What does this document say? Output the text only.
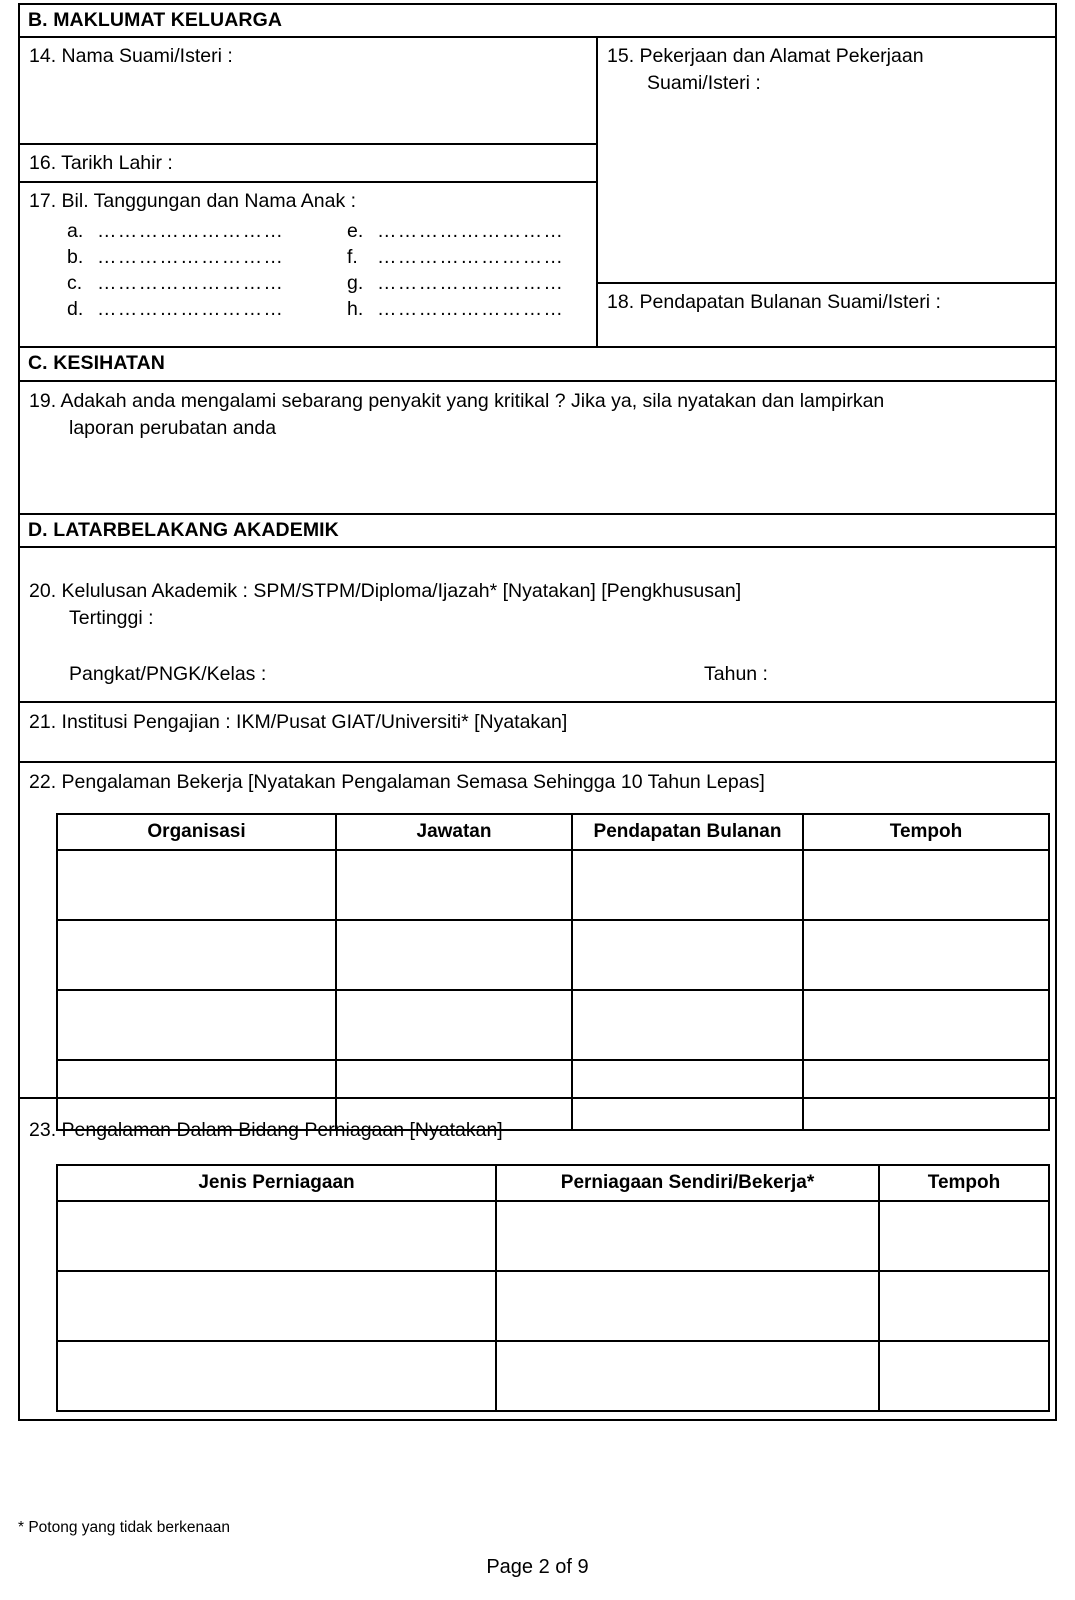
B. MAKLUMAT KELUARGA
14. Nama Suami/Isteri :
16. Tarikh Lahir :
17. Bil. Tanggungan dan Nama Anak :
a. ………………………	e. ………………………
b. ………………………	f. ………………………
c. ………………………	g. ………………………
d. ………………………	h. ………………………
15. Pekerjaan dan Alamat Pekerjaan
Suami/Isteri :
18. Pendapatan Bulanan Suami/Isteri :
C. KESIHATAN
19. Adakah anda mengalami sebarang penyakit yang kritikal ? Jika ya, sila nyatakan dan lampirkan
laporan perubatan anda
D. LATARBELAKANG AKADEMIK
20. Kelulusan Akademik : SPM/STPM/Diploma/Ijazah* [Nyatakan] [Pengkhususan]
Tertinggi :
Pangkat/PNGK/Kelas :	Tahun :
21. Institusi Pengajian : IKM/Pusat GIAT/Universiti* [Nyatakan]
22. Pengalaman Bekerja [Nyatakan Pengalaman Semasa Sehingga 10 Tahun Lepas]
Organisasi	Jawatan	Pendapatan Bulanan	Tempoh

23. Pengalaman Dalam Bidang Perniagaan [Nyatakan]
Jenis Perniagaan	Perniagaan Sendiri/Bekerja*	Tempoh

* Potong yang tidak berkenaan
Page 2 of 9
